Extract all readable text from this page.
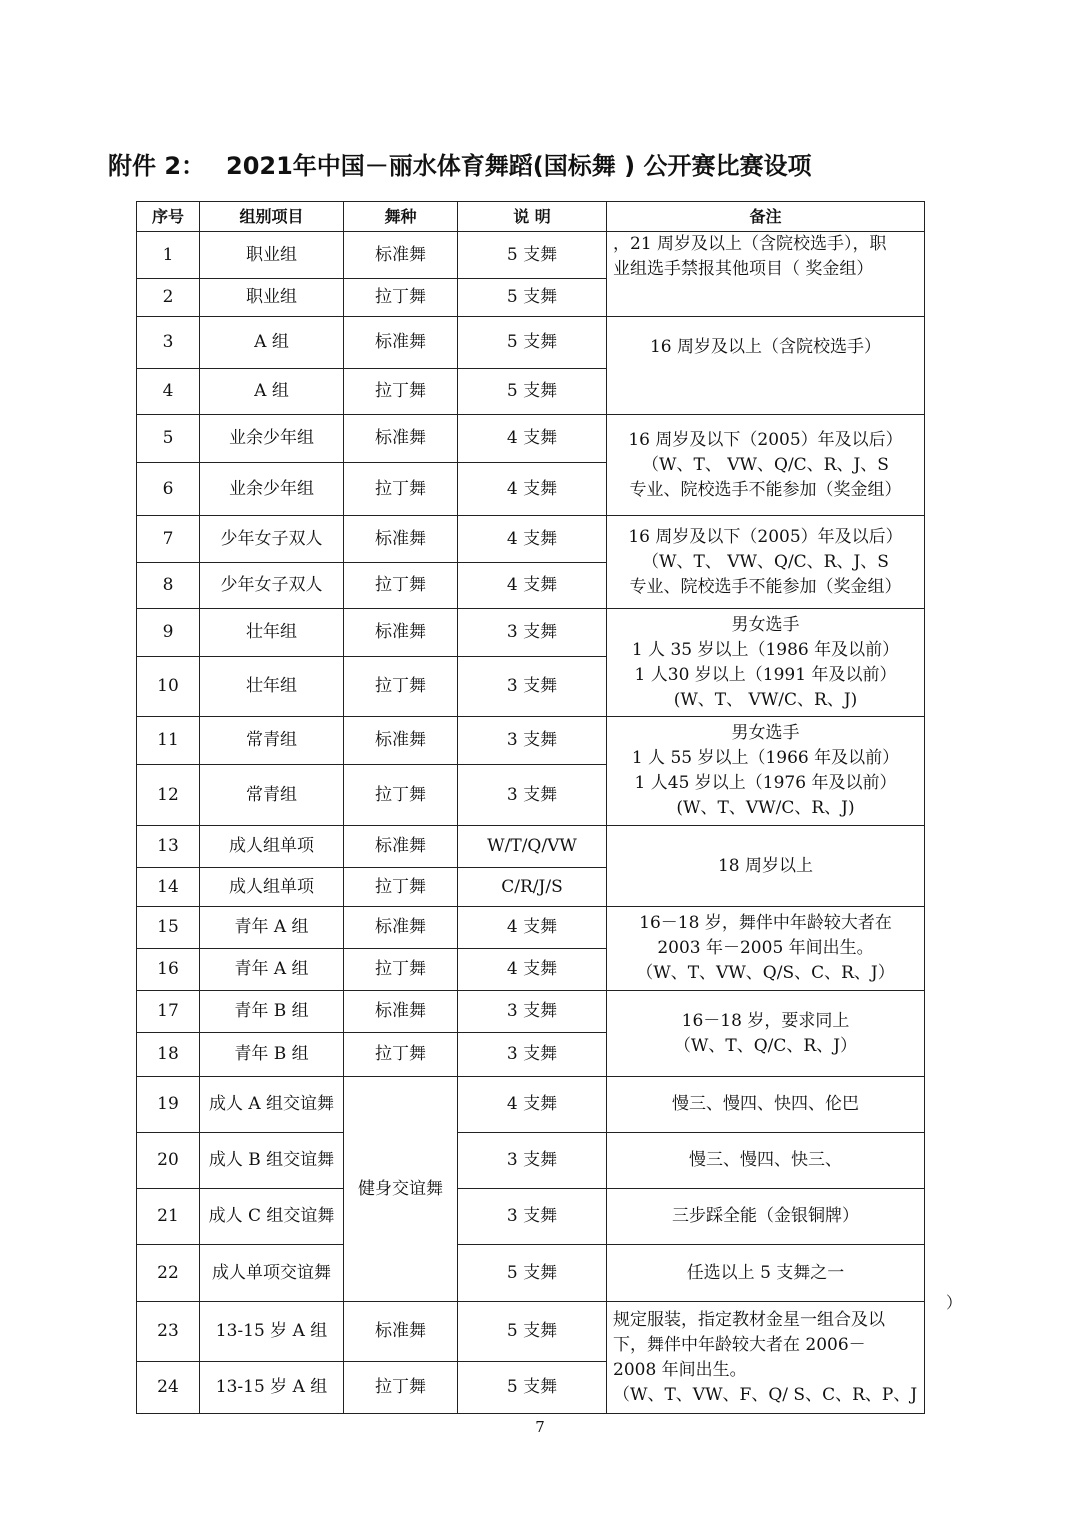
附件 2： 2021年中国－丽水体育舞蹈(国标舞 ) 公开赛比赛设项
序号	组别项目	舞种	说 明	备注
1	职业组	标准舞	5 支舞	，21 周岁及以上（含院校选手），职
业组选手禁报其他项目（ 奖金组）

2	职业组	拉丁舞	5 支舞	
3	A 组	标准舞	5 支舞	16 周岁及以上（含院校选手）
4	A 组	拉丁舞	5 支舞	
5	业余少年组	标准舞	4 支舞	16 周岁及以下（2005）年及以后）
（W、T、 VW、Q/C、R、J、S
专业、院校选手不能参加（奖金组）

6	业余少年组	拉丁舞	4 支舞	
7	少年女子双人	标准舞	4 支舞	16 周岁及以下（2005）年及以后）
（W、T、 VW、Q/C、R、J、S
专业、院校选手不能参加（奖金组）

8	少年女子双人	拉丁舞	4 支舞	
9	壮年组	标准舞	3 支舞	男女选手
1 人 35 岁以上（1986 年及以前）
1 人30 岁以上（1991 年及以前）
(W、T、 VW/C、R、J)

10	壮年组	拉丁舞	3 支舞	
11	常青组	标准舞	3 支舞	男女选手
1 人 55 岁以上（1966 年及以前）
1 人45 岁以上（1976 年及以前）
(W、T、VW/C、R、J)

12	常青组	拉丁舞	3 支舞	
13	成人组单项	标准舞	W/T/Q/VW	18 周岁以上
14	成人组单项	拉丁舞	C/R/J/S	
15	青年 A 组	标准舞	4 支舞	16－18 岁，舞伴中年龄较大者在
2003 年－2005 年间出生。
（W、T、VW、Q/S、C、R、J）

16	青年 A 组	拉丁舞	4 支舞	
17	青年 B 组	标准舞	3 支舞	16－18 岁，要求同上
（W、T、Q/C、R、J）

18	青年 B 组	拉丁舞	3 支舞	
19	成人 A 组交谊舞	健身交谊舞	4 支舞	慢三、慢四、快四、伦巴
20	成人 B 组交谊舞		3 支舞	慢三、慢四、快三、
21	成人 C 组交谊舞		3 支舞	三步踩全能（金银铜牌）
22	成人单项交谊舞		5 支舞	任选以上 5 支舞之一
23	13-15 岁 A 组	标准舞	5 支舞	规定服装，指定教材金星一组合及以
下，舞伴中年龄较大者在 2006－
2008 年间出生。
（W、T、VW、F、Q/ S、C、R、P、J

24	13-15 岁 A 组	拉丁舞	5 支舞	
）
7
